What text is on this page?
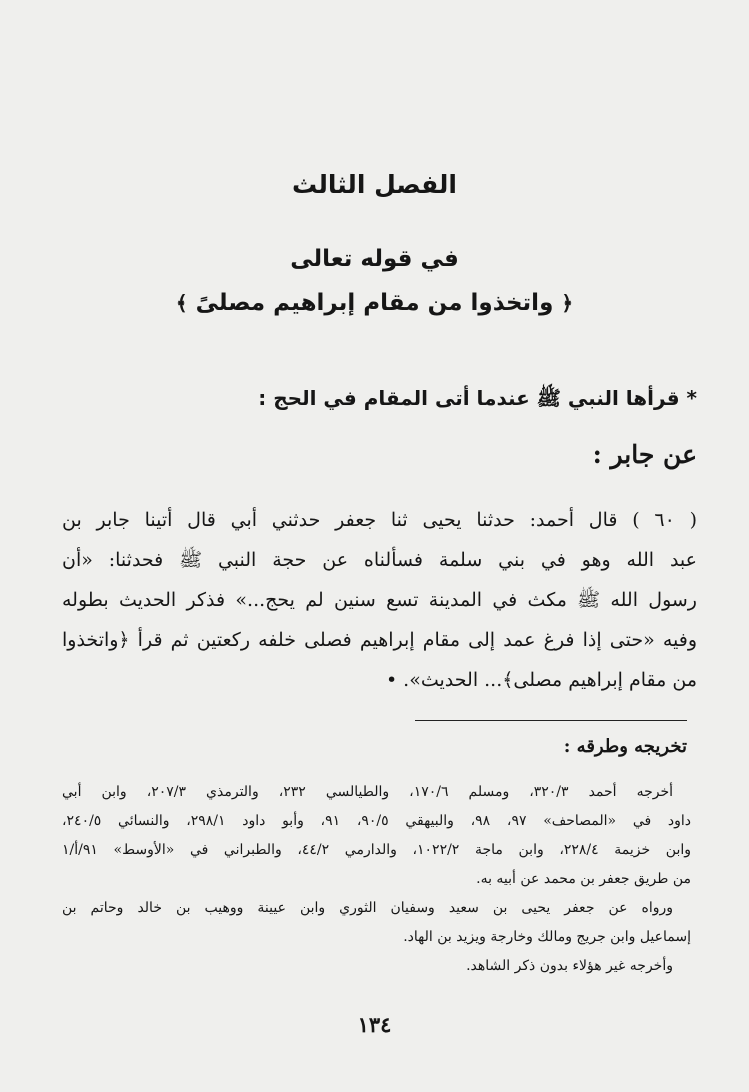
الفصل الثالث
في قوله تعالى
﴿ واتخذوا من مقام إبراهيم مصلىً ﴾
* قرأها النبي ﷺ عندما أتى المقام في الحج :
عن جابر :
( ٦٠ ) قال أحمد: حدثنا يحيى ثنا جعفر حدثني أبي قال أتينا جابر بن
عبد الله وهو في بني سلمة فسألناه عن حجة النبي ﷺ فحدثنا: «أن
رسول الله ﷺ مكث في المدينة تسع سنين لم يحج...» فذكر الحديث بطوله
وفيه «حتى إذا فرغ عمد إلى مقام إبراهيم فصلى خلفه ركعتين ثم قرأ ﴿واتخذوا
من مقام إبراهيم مصلى﴾... الحديث». •
تخريجه وطرقه :
أخرجه أحمد ٣٢٠/٣، ومسلم ١٧٠/٦، والطيالسي ٢٣٢، والترمذي ٢٠٧/٣، وابن أبي
داود في «المصاحف» ٩٧، ٩٨، والبيهقي ٩٠/٥، ٩١، وأبو داود ٢٩٨/١، والنسائي ٢٤٠/٥،
وابن خزيمة ٢٢٨/٤، وابن ماجة ١٠٢٢/٢، والدارمي ٤٤/٢، والطبراني في «الأوسط» ٩١/أ/١
من طريق جعفر بن محمد عن أبيه به.
ورواه عن جعفر يحيى بن سعيد وسفيان الثوري وابن عيينة ووهيب بن خالد وحاتم بن
إسماعيل وابن جريج ومالك وخارجة ويزيد بن الهاد.
وأخرجه غير هؤلاء بدون ذكر الشاهد.
١٣٤
